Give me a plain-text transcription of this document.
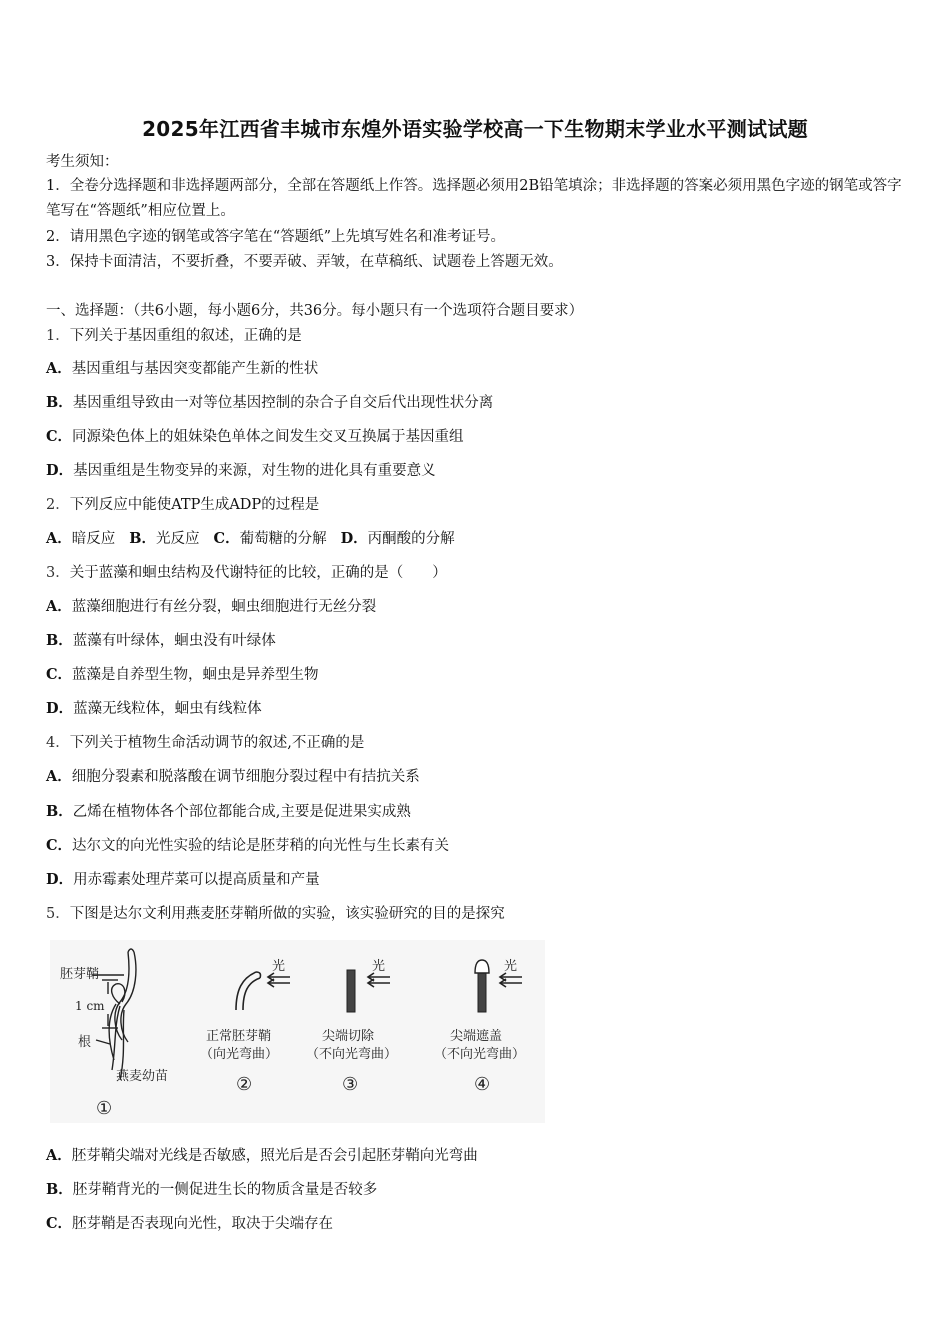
2025年江西省丰城市东煌外语实验学校高一下生物期末学业水平测试试题
考生须知：
1．全卷分选择题和非选择题两部分，全部在答题纸上作答。选择题必须用2B铅笔填涂；非选择题的答案必须用黑色字迹的钢笔或答字笔写在“答题纸”相应位置上。
2．请用黑色字迹的钢笔或答字笔在“答题纸”上先填写姓名和准考证号。
3．保持卡面清洁，不要折叠，不要弄破、弄皱，在草稿纸、试题卷上答题无效。
一、选择题：（共6小题，每小题6分，共36分。每小题只有一个选项符合题目要求）
1．下列关于基因重组的叙述，正确的是
A．基因重组与基因突变都能产生新的性状
B．基因重组导致由一对等位基因控制的杂合子自交后代出现性状分离
C．同源染色体上的姐妹染色单体之间发生交叉互换属于基因重组
D．基因重组是生物变异的来源，对生物的进化具有重要意义
2．下列反应中能使ATP生成ADP的过程是
A．暗反应 B．光反应 C．葡萄糖的分解 D．丙酮酸的分解
3．关于蓝藻和蛔虫结构及代谢特征的比较，正确的是（　　）
A．蓝藻细胞进行有丝分裂，蛔虫细胞进行无丝分裂
B．蓝藻有叶绿体，蛔虫没有叶绿体
C．蓝藻是自养型生物，蛔虫是异养型生物
D．蓝藻无线粒体，蛔虫有线粒体
4．下列关于植物生命活动调节的叙述,不正确的是
A．细胞分裂素和脱落酸在调节细胞分裂过程中有拮抗关系
B．乙烯在植物体各个部位都能合成,主要是促进果实成熟
C．达尔文的向光性实验的结论是胚芽稍的向光性与生长素有关
D．用赤霉素处理芹菜可以提高质量和产量
5．下图是达尔文利用燕麦胚芽鞘所做的实验，该实验研究的目的是探究
胚芽鞘
1 cm
根
燕麦幼苗
①
光
正常胚芽鞘
（向光弯曲）
②
光
尖端切除
（不向光弯曲）
③
光
尖端遮盖
（不向光弯曲）
④
A．胚芽鞘尖端对光线是否敏感，照光后是否会引起胚芽鞘向光弯曲
B．胚芽鞘背光的一侧促进生长的物质含量是否较多
C．胚芽鞘是否表现向光性，取决于尖端存在
